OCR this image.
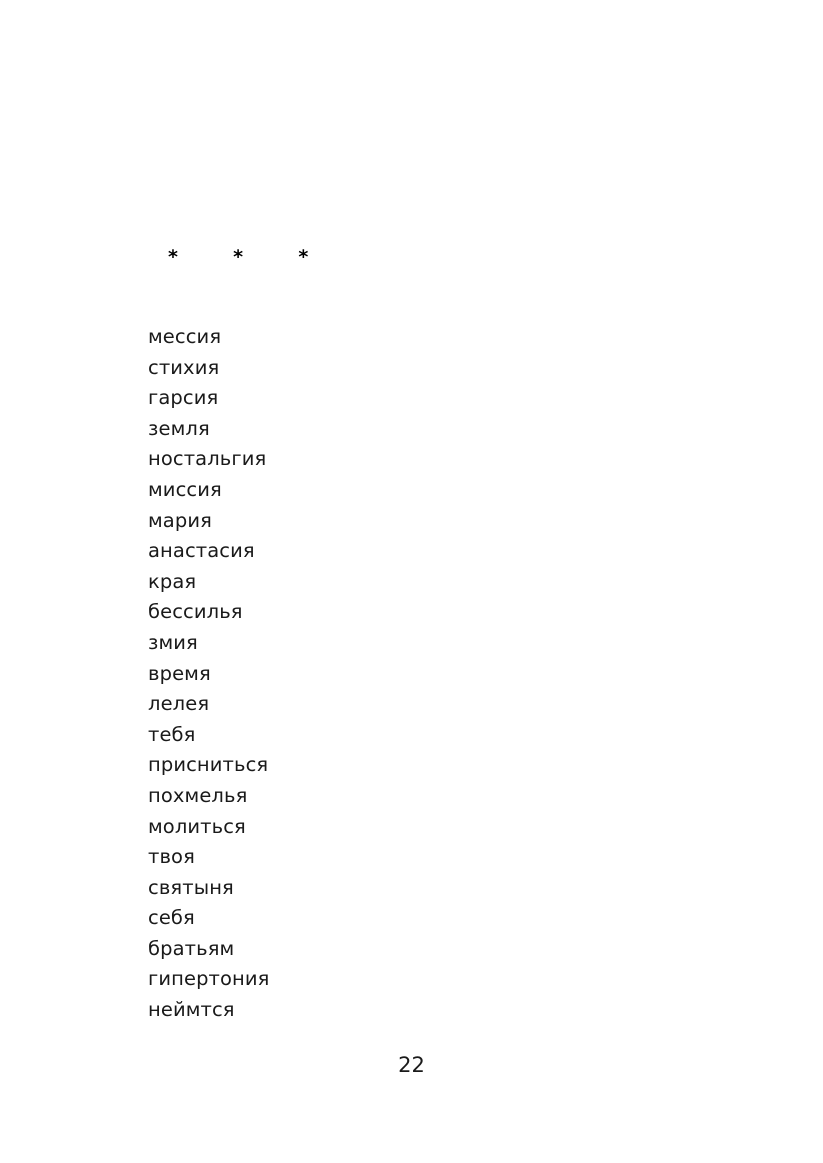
*  *  *
мессия
стихия
гарсия
земля
ностальгия
миссия
мария
анастасия
края
бессилья
змия
время
лелея
тебя
присниться
похмелья
молиться
твоя
святыня
себя
братьям
гипертония
неймтся
22
